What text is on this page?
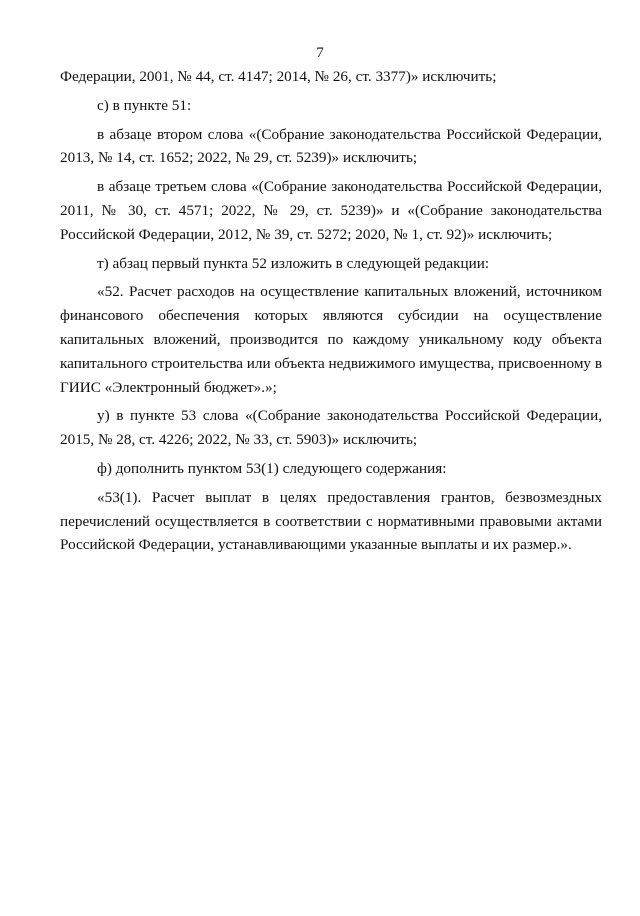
7

Федерации, 2001, № 44, ст. 4147; 2014, № 26, ст. 3377)» исключить;

с) в пункте 51:

в абзаце втором слова «(Собрание законодательства Российской Федерации, 2013, № 14, ст. 1652; 2022, № 29, ст. 5239)» исключить;

в абзаце третьем слова «(Собрание законодательства Российской Федерации, 2011, № 30, ст. 4571; 2022, № 29, ст. 5239)» и «(Собрание законодательства Российской Федерации, 2012, № 39, ст. 5272; 2020, № 1, ст. 92)» исключить;

т) абзац первый пункта 52 изложить в следующей редакции:

«52. Расчет расходов на осуществление капитальных вложений, источником финансового обеспечения которых являются субсидии на осуществление капитальных вложений, производится по каждому уникальному коду объекта капитального строительства или объекта недвижимого имущества, присвоенному в ГИИС «Электронный бюджет».»;

у) в пункте 53 слова «(Собрание законодательства Российской Федерации, 2015, № 28, ст. 4226; 2022, № 33, ст. 5903)» исключить;

ф) дополнить пунктом 53(1) следующего содержания:

«53(1). Расчет выплат в целях предоставления грантов, безвозмездных перечислений осуществляется в соответствии с нормативными правовыми актами Российской Федерации, устанавливающими указанные выплаты и их размер.».
